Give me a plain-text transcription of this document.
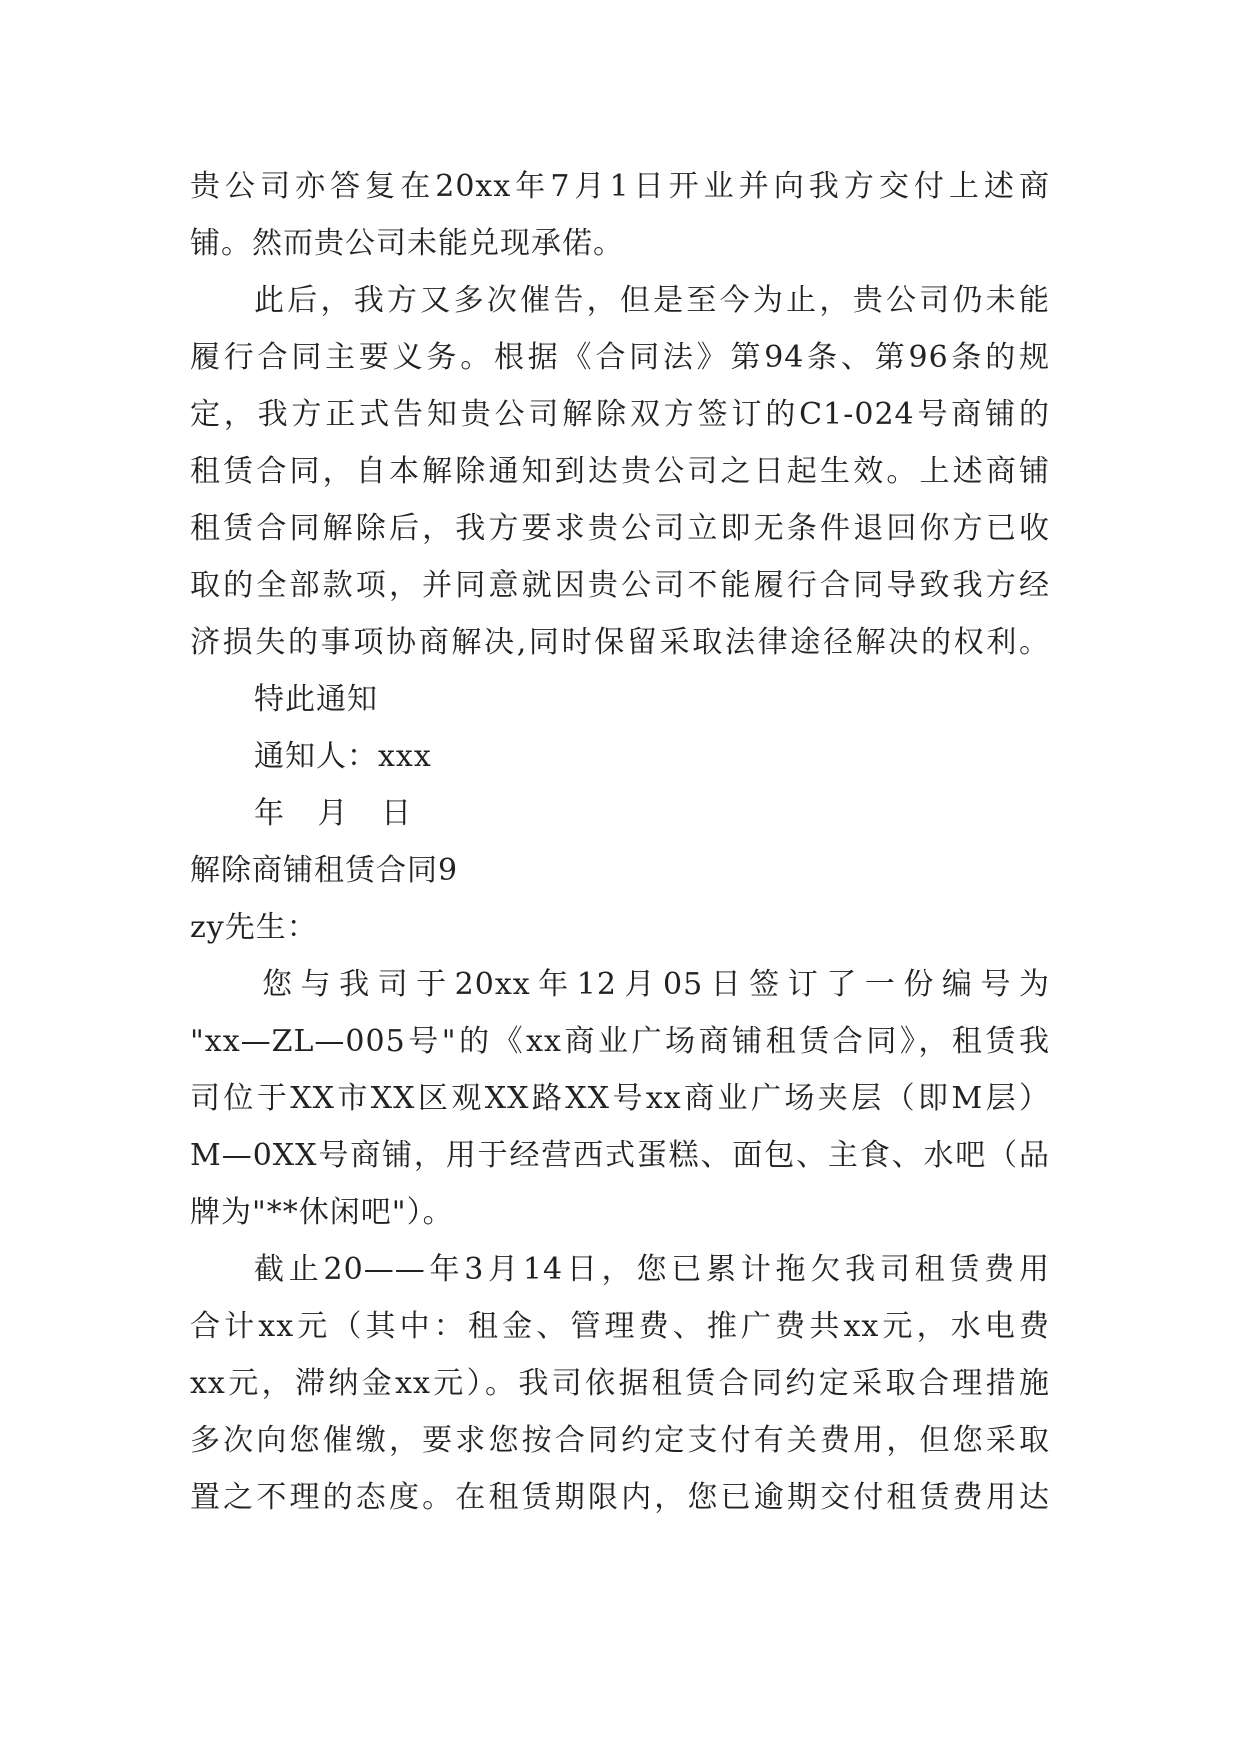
贵公司亦答复在20xx年7月1日开业并向我方交付上述商
铺。然而贵公司未能兑现承偌。
此后，我方又多次催告，但是至今为止，贵公司仍未能
履行合同主要义务。根据《合同法》第94条、第96条的规
定，我方正式告知贵公司解除双方签订的C1-024号商铺的
租赁合同，自本解除通知到达贵公司之日起生效。上述商铺
租赁合同解除后，我方要求贵公司立即无条件退回你方已收
取的全部款项，并同意就因贵公司不能履行合同导致我方经
济损失的事项协商解决,同时保留采取法律途径解决的权利。
特此通知
通知人：xxx
年 月 日
解除商铺租赁合同9
zy先生：
您与我司于20xx年12月05日签订了一份编号为
"xx—ZL—005号"的《xx商业广场商铺租赁合同》，租赁我
司位于XX市XX区观XX路XX号xx商业广场夹层（即M层）
M—0XX号商铺，用于经营西式蛋糕、面包、主食、水吧（品
牌为"**休闲吧"）。
截止20——年3月14日，您已累计拖欠我司租赁费用
合计xx元（其中：租金、管理费、推广费共xx元，水电费
xx元，滞纳金xx元）。我司依据租赁合同约定采取合理措施
多次向您催缴，要求您按合同约定支付有关费用，但您采取
置之不理的态度。在租赁期限内，您已逾期交付租赁费用达
